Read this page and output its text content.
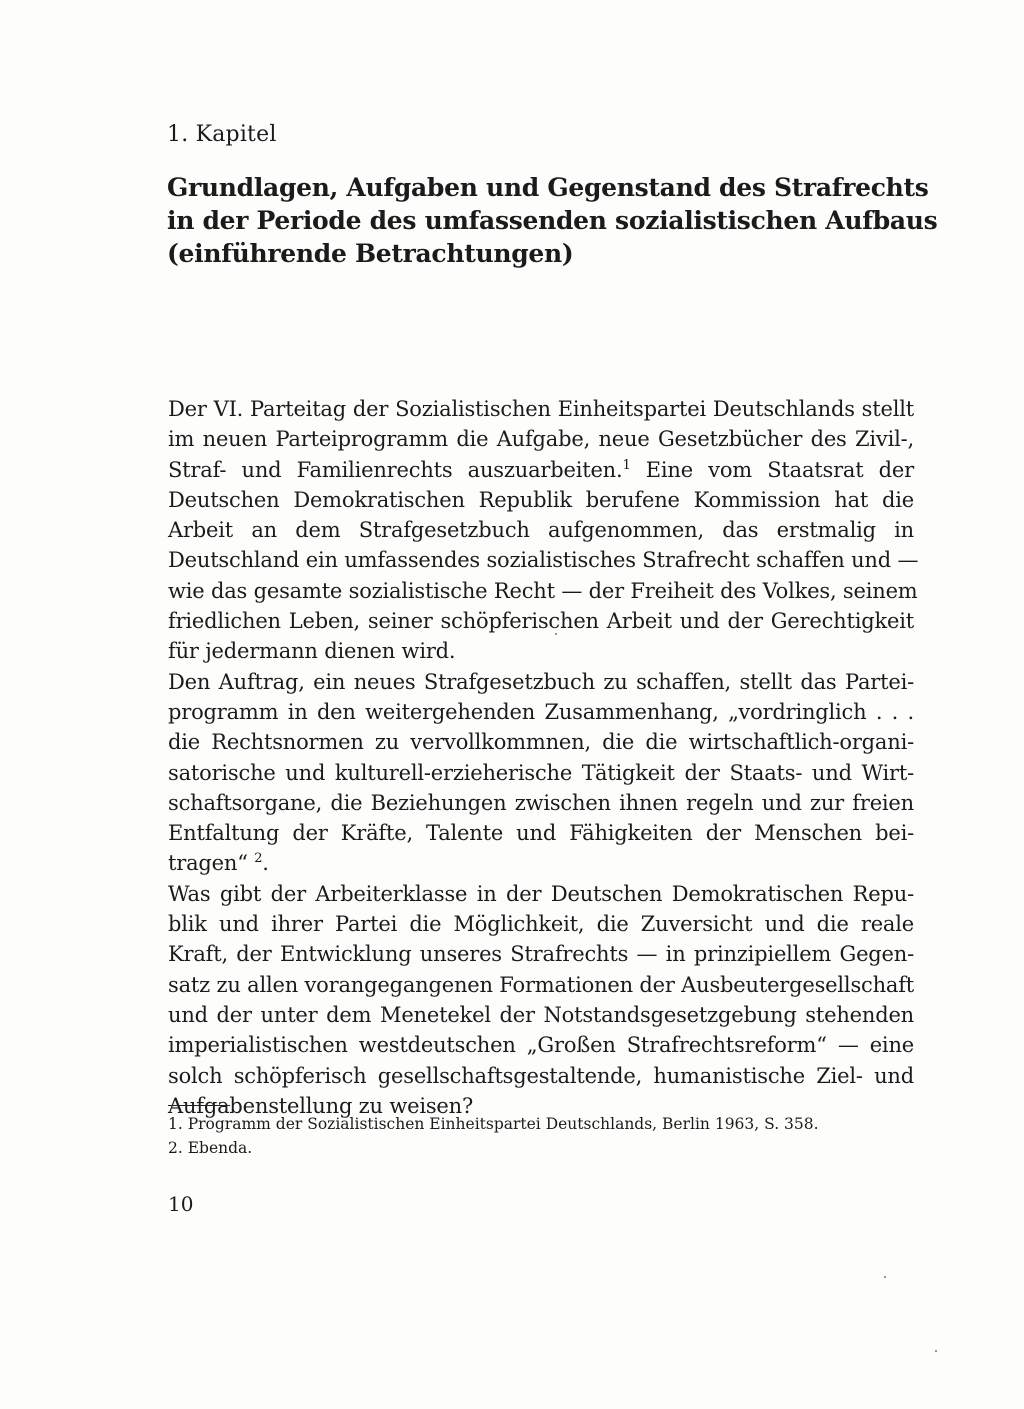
1. Kapitel
Grundlagen, Aufgaben und Gegenstand des Strafrechts
in der Periode des umfassenden sozialistischen Aufbaus
(einführende Betrachtungen)
Der VI. Parteitag der Sozialistischen Einheitspartei Deutschlands stellt
im neuen Parteiprogramm die Aufgabe, neue Gesetzbücher des Zivil-,
Straf- und Familienrechts auszuarbeiten.$^1$ Eine vom Staatsrat der
Deutschen Demokratischen Republik berufene Kommission hat die
Arbeit an dem Strafgesetzbuch aufgenommen, das erstmalig in
Deutschland ein umfassendes sozialistisches Strafrecht schaffen und —
wie das gesamte sozialistische Recht — der Freiheit des Volkes, seinem
friedlichen Leben, seiner schöpferischen Arbeit und der Gerechtigkeit
für jedermann dienen wird.
Den Auftrag, ein neues Strafgesetzbuch zu schaffen, stellt das Partei-
programm in den weitergehenden Zusammenhang, „vordringlich . . .
die Rechtsnormen zu vervollkommnen, die die wirtschaftlich-organi-
satorische und kulturell-erzieherische Tätigkeit der Staats- und Wirt-
schaftsorgane, die Beziehungen zwischen ihnen regeln und zur freien
Entfaltung der Kräfte, Talente und Fähigkeiten der Menschen bei-
tragen“ $^2$.
Was gibt der Arbeiterklasse in der Deutschen Demokratischen Repu-
blik und ihrer Partei die Möglichkeit, die Zuversicht und die reale
Kraft, der Entwicklung unseres Strafrechts — in prinzipiellem Gegen-
satz zu allen vorangegangenen Formationen der Ausbeutergesellschaft
und der unter dem Menetekel der Notstandsgesetzgebung stehenden
imperialistischen westdeutschen „Großen Strafrechtsreform“ — eine
solch schöpferisch gesellschaftsgestaltende, humanistische Ziel- und
Aufgabenstellung zu weisen?
1. Programm der Sozialistischen Einheitspartei Deutschlands, Berlin 1963, S. 358.
2. Ebenda.
10
